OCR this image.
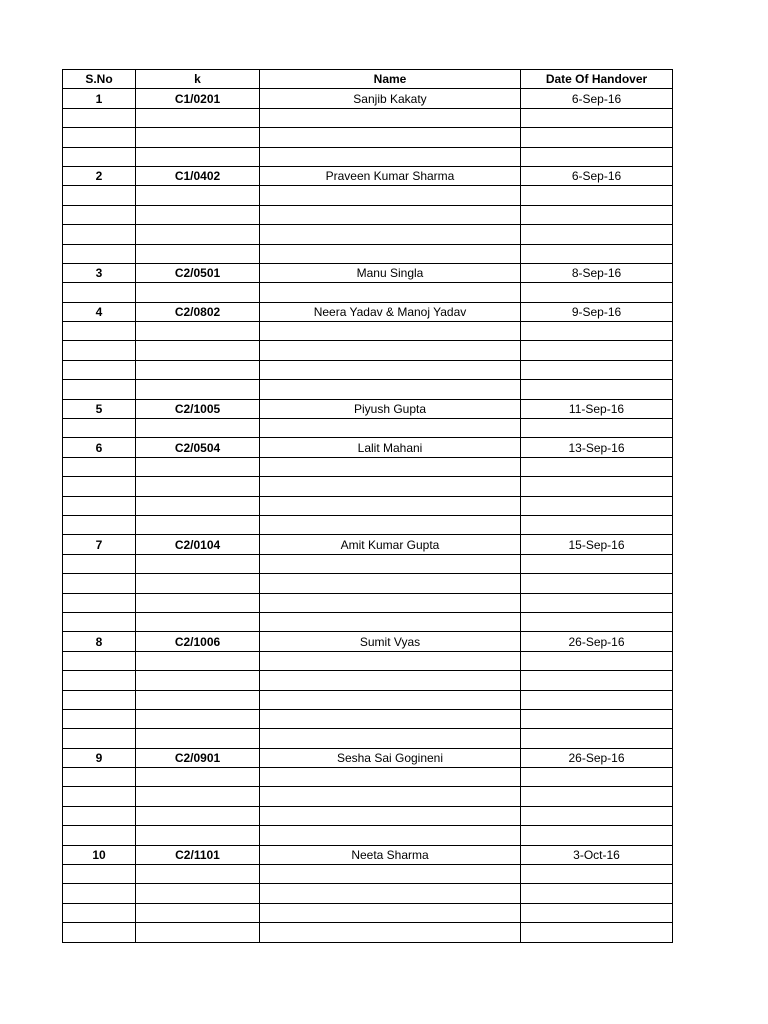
S.No	k	Name	Date Of Handover
1	C1/0201	Sanjib Kakaty	6-Sep-16

2	C1/0402	Praveen Kumar Sharma	6-Sep-16

3	C2/0501	Manu Singla	8-Sep-16

4	C2/0802	Neera Yadav & Manoj Yadav	9-Sep-16

5	C2/1005	Piyush Gupta	11-Sep-16

6	C2/0504	Lalit Mahani	13-Sep-16

7	C2/0104	Amit Kumar Gupta	15-Sep-16

8	C2/1006	Sumit Vyas	26-Sep-16

9	C2/0901	Sesha Sai Gogineni	26-Sep-16

10	C2/1101	Neeta Sharma	3-Oct-16
